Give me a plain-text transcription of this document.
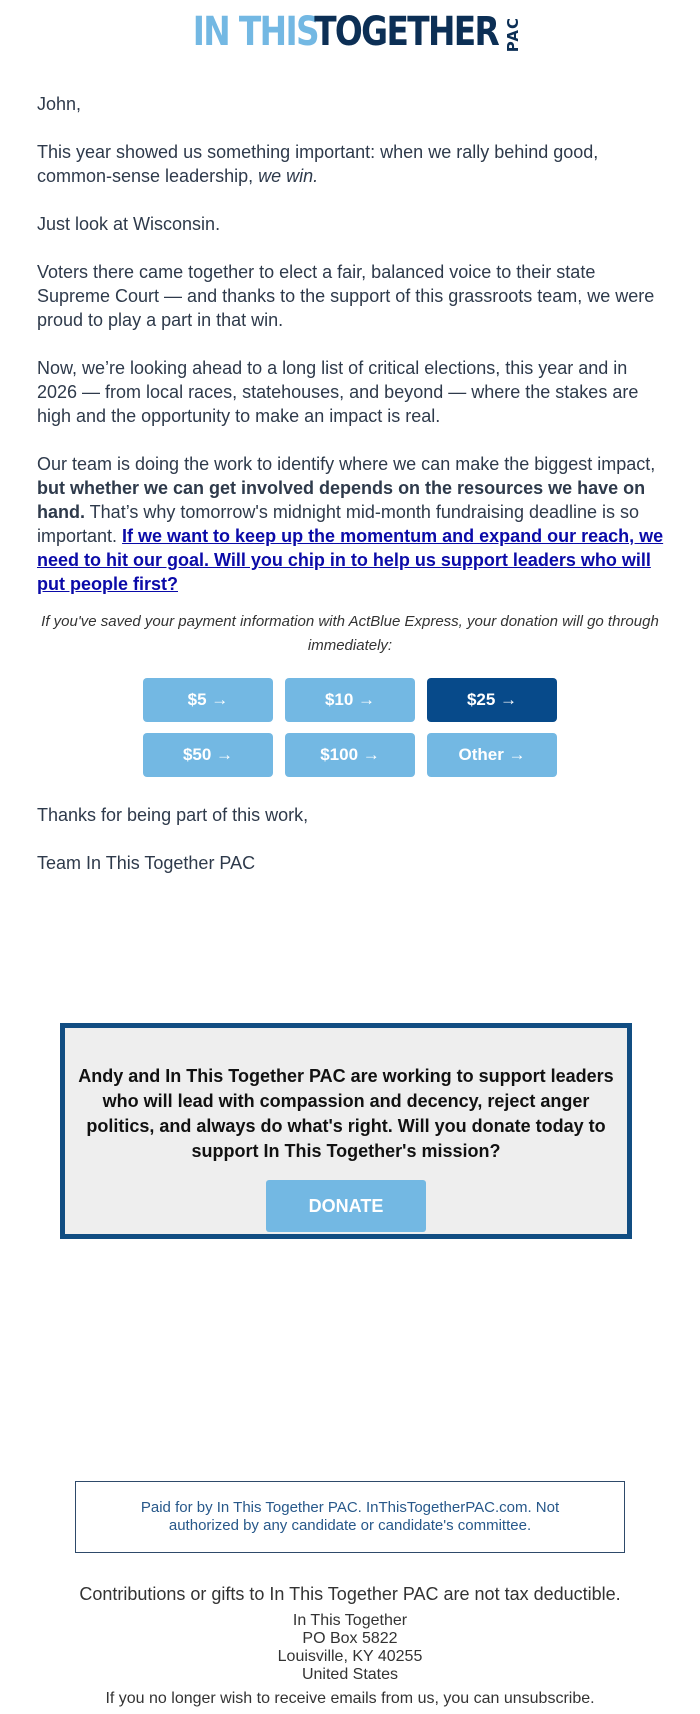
IN THIS
TOGETHER PAC

John,

This year showed us something important: when we rally behind good, common-sense leadership, we win.

Just look at Wisconsin.

Voters there came together to elect a fair, balanced voice to their state Supreme Court — and thanks to the support of this grassroots team, we were proud to play a part in that win.

Now, we’re looking ahead to a long list of critical elections, this year and in 2026 — from local races, statehouses, and beyond — where the stakes are high and the opportunity to make an impact is real.

Our team is doing the work to identify where we can make the biggest impact, but whether we can get involved depends on the resources we have on hand. That’s why tomorrow's midnight mid-month fundraising deadline is so important. If we want to keep up the momentum and expand our reach, we need to hit our goal. Will you chip in to help us support leaders who will put people first?

If you've saved your payment information with ActBlue Express, your donation will go through immediately:
$5 →	$10 →	$25 →
$50 →	$100 →	Other →
Thanks for being part of this work,
Team In This Together PAC
Andy and In This Together PAC are working to support leaders who will lead with compassion and decency, reject anger politics, and always do what's right. Will you donate today to support In This Together's mission?
DONATE
Paid for by In This Together PAC. InThisTogetherPAC.com. Not authorized by any candidate or candidate's committee.
Contributions or gifts to In This Together PAC are not tax deductible.
In This Together
PO Box 5822
Louisville, KY 40255
United States
If you no longer wish to receive emails from us, you can unsubscribe.
